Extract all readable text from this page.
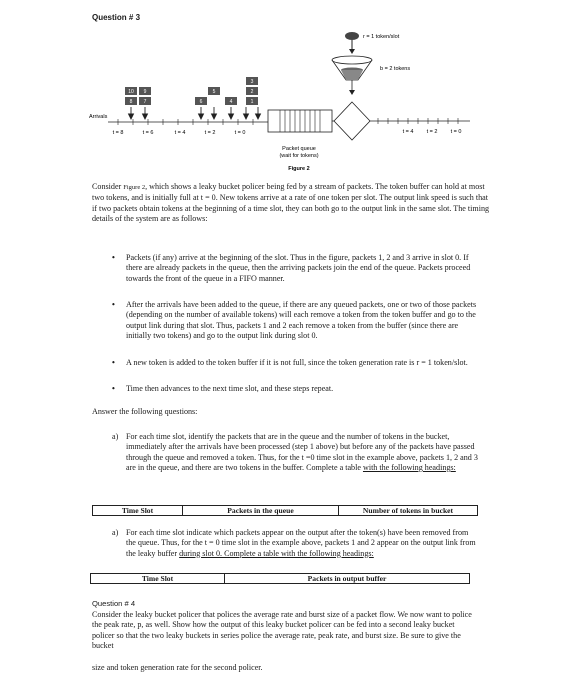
Question # 3
r = 1 token/slot
b = 2 tokens
Arrivals
10 9
8 7	6
5
4
3
2
1
t = 8	t = 6	t = 4	t = 2	t = 0
Packet queue
(wait for tokens)
t = 4 t = 2 t = 0
Figure 2
Consider Figure 2, which shows a leaky bucket policer being fed by a stream of packets. The token buffer can hold at most two tokens, and is initially full at t = 0. New tokens arrive at a rate of one token per slot. The output link speed is such that if two packets obtain tokens at the beginning of a time slot, they can both go to the output link in the same slot. The timing details of the system are as follows:
• Packets (if any) arrive at the beginning of the slot. Thus in the figure, packets 1, 2 and 3 arrive in slot 0. If there are already packets in the queue, then the arriving packets join the end of the queue. Packets proceed towards the front of the queue in a FIFO manner.
• After the arrivals have been added to the queue, if there are any queued packets, one or two of those packets (depending on the number of available tokens) will each remove a token from the token buffer and go to the output link during that slot. Thus, packets 1 and 2 each remove a token from the buffer (since there are initially two tokens) and go to the output link during slot 0.
• A new token is added to the token buffer if it is not full, since the token generation rate is r = 1 token/slot.
• Time then advances to the next time slot, and these steps repeat.
Answer the following questions:
a) For each time slot, identify the packets that are in the queue and the number of tokens in the bucket, immediately after the arrivals have been processed (step 1 above) but before any of the packets have passed through the queue and removed a token. Thus, for the t =0 time slot in the example above, packets 1, 2 and 3 are in the queue, and there are two tokens in the buffer. Complete a table with the following headings:
Time Slot	Packets in the queue	Number of tokens in bucket
a) For each time slot indicate which packets appear on the output after the token(s) have been removed from the queue. Thus, for the t = 0 time slot in the example above, packets 1 and 2 appear on the output link from the leaky buffer during slot 0. Complete a table with the following headings:
Time Slot	Packets in output buffer
Question # 4
Consider the leaky bucket policer that polices the average rate and burst size of a packet flow. We now want to police the peak rate, p, as well. Show how the output of this leaky bucket policer can be fed into a second leaky bucket policer so that the two leaky buckets in series police the average rate, peak rate, and burst size. Be sure to give the bucket
size and token generation rate for the second policer.
